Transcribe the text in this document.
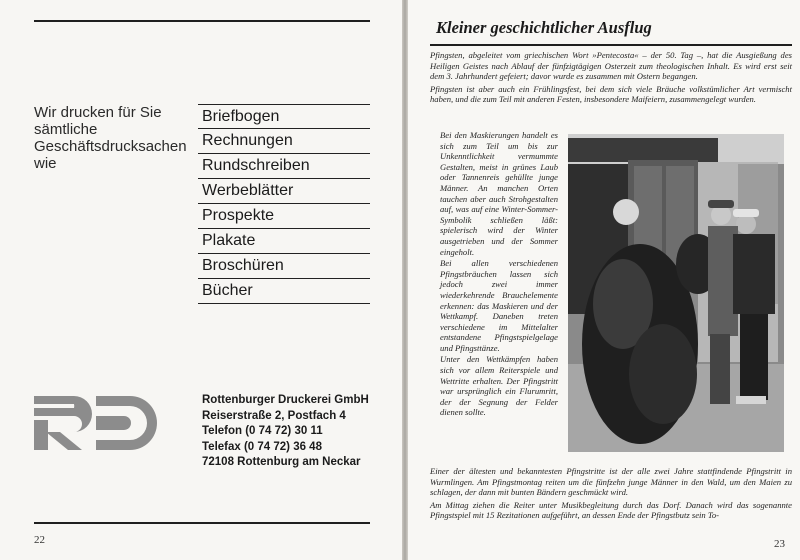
Wir drucken für Sie
sämtliche
Geschäftsdrucksachen
wie
Briefbogen
Rechnungen
Rundschreiben
Werbeblätter
Prospekte
Plakate
Broschüren
Bücher
Rottenburger Druckerei GmbH
Reiserstraße 2, Postfach 4
Telefon (0 74 72) 30 11
Telefax (0 74 72) 36 48
72108 Rottenburg am Neckar
22
Kleiner geschichtlicher Ausflug

Pfingsten, abgeleitet vom griechischen Wort »Pentecosta« – der 50. Tag –, hat die Ausgießung des Heiligen Geistes nach Ablauf der fünfzigtägigen Osterzeit zum theologischen Inhalt. Es wird erst seit dem 3. Jahrhundert gefeiert; davor wurde es zusammen mit Ostern begangen.

Pfingsten ist aber auch ein Frühlingsfest, bei dem sich viele Bräuche volkstümlicher Art vermischt haben, und die zum Teil mit anderen Festen, insbesondere Maifeiern, zusammengelegt wurden.

Bei den Maskierungen handelt es sich zum Teil um bis zur Unkenntlichkeit vermummte Gestalten, meist in grünes Laub oder Tannenreis gehüllte junge Männer. An manchen Orten tauchen aber auch Strohgestalten auf, was auf eine Winter-Sommer-Symbolik schließen läßt: spielerisch wird der Winter ausgetrieben und der Sommer eingeholt.

Bei allen verschiedenen Pfingstbräuchen lassen sich jedoch zwei immer wiederkehrende Brauchelemente erkennen: das Maskieren und der Wettkampf. Daneben treten verschiedene im Mittelalter entstandene Pfingstspielgelage und Pfingsttänze.

Unter den Wettkämpfen haben sich vor allem Reiterspiele und Wettritte erhalten. Der Pfingstritt war ursprünglich ein Flurumritt, der der Segnung der Felder dienen sollte.

Einer der ältesten und bekanntesten Pfingstritte ist der alle zwei Jahre stattfindende Pfingstritt in Wurmlingen. Am Pfingstmontag reiten um die fünfzehn junge Männer in den Wald, um den Maien zu schlagen, der dann mit bunten Bändern geschmückt wird.

Am Mittag ziehen die Reiter unter Musikbegleitung durch das Dorf. Danach wird das sogenannte Pfingstspiel mit 15 Rezitationen aufgeführt, an dessen Ende der Pfingstbutz sein To-

23
